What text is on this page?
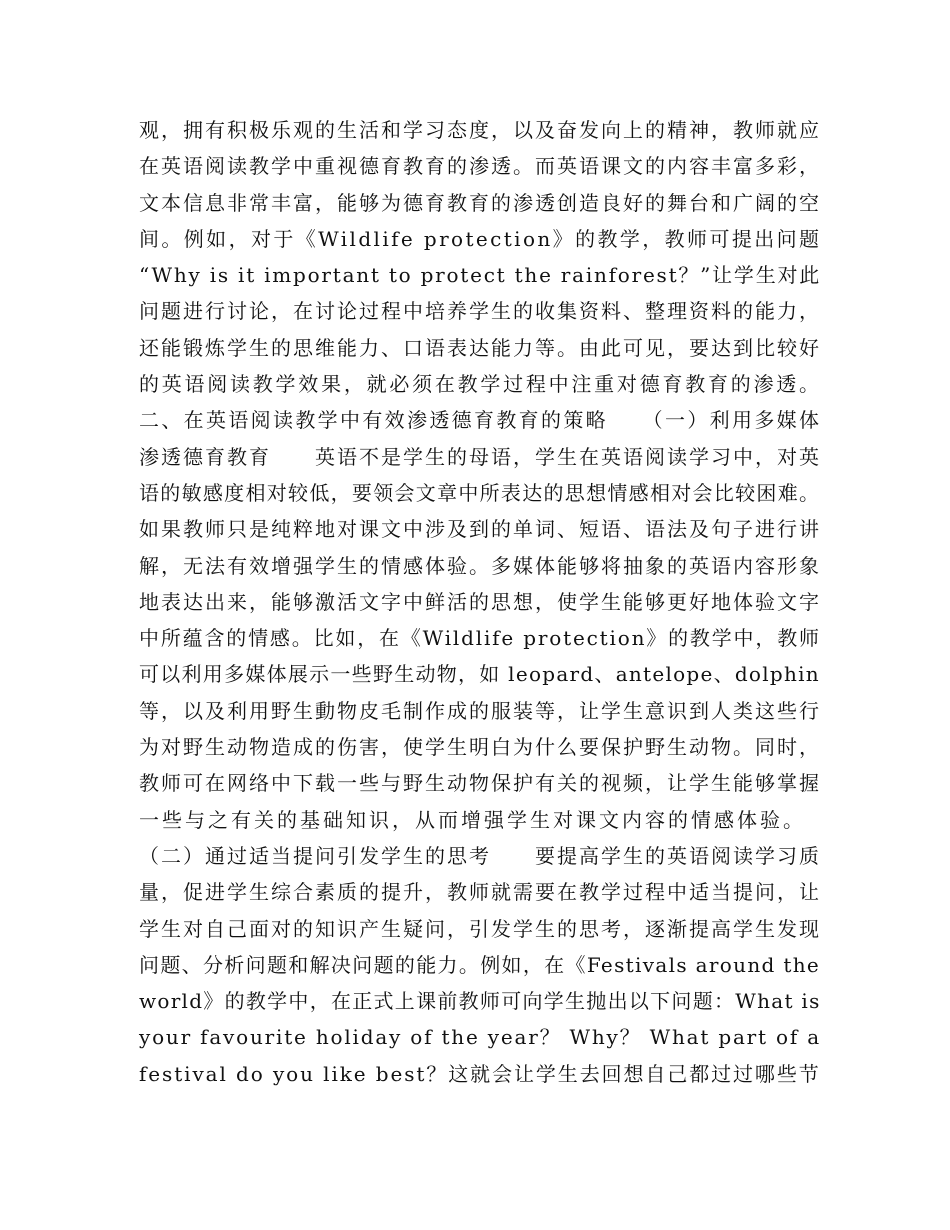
观，拥有积极乐观的生活和学习态度，以及奋发向上的精神，教师就应
在英语阅读教学中重视德育教育的渗透。而英语课文的内容丰富多彩，
文本信息非常丰富，能够为德育教育的渗透创造良好的舞台和广阔的空
间。例如，对于《Wildlife protection》的教学，教师可提出问题
“Why is it important to protect the rainforest？”让学生对此
问题进行讨论，在讨论过程中培养学生的收集资料、整理资料的能力，
还能锻炼学生的思维能力、口语表达能力等。由此可见，要达到比较好
的英语阅读教学效果，就必须在教学过程中注重对德育教育的渗透。
二、在英语阅读教学中有效渗透德育教育的策略　　（一）利用多媒体
渗透德育教育　　英语不是学生的母语，学生在英语阅读学习中，对英
语的敏感度相对较低，要领会文章中所表达的思想情感相对会比较困难。
如果教师只是纯粹地对课文中涉及到的单词、短语、语法及句子进行讲
解，无法有效增强学生的情感体验。多媒体能够将抽象的英语内容形象
地表达出来，能够激活文字中鲜活的思想，使学生能够更好地体验文字
中所蕴含的情感。比如，在《Wildlife protection》的教学中，教师
可以利用多媒体展示一些野生动物，如 leopard、antelope、dolphin
等，以及利用野生動物皮毛制作成的服装等，让学生意识到人类这些行
为对野生动物造成的伤害，使学生明白为什么要保护野生动物。同时，
教师可在网络中下载一些与野生动物保护有关的视频，让学生能够掌握
一些与之有关的基础知识，从而增强学生对课文内容的情感体验。
（二）通过适当提问引发学生的思考　　要提高学生的英语阅读学习质
量，促进学生综合素质的提升，教师就需要在教学过程中适当提问，让
学生对自己面对的知识产生疑问，引发学生的思考，逐渐提高学生发现
问题、分析问题和解决问题的能力。例如，在《Festivals around the
world》的教学中，在正式上课前教师可向学生抛出以下问题：What is
your favourite holiday of the year？ Why？ What part of a
festival do you like best？这就会让学生去回想自己都过过哪些节
